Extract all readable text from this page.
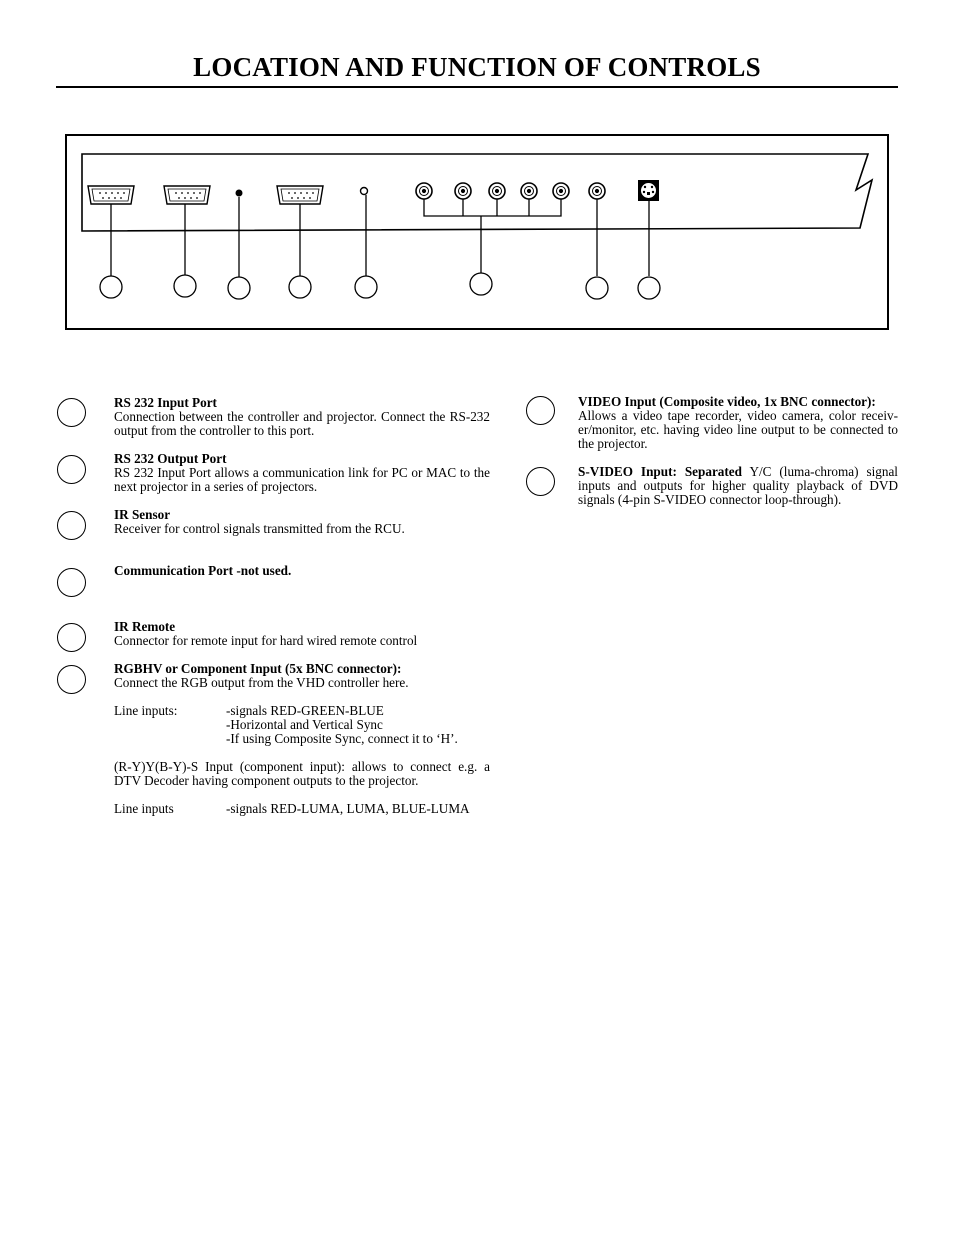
LOCATION AND FUNCTION OF CONTROLS

RS 232 Input Port

Connection between the controller and projector. Connect the RS-232 output from the controller to this port.

RS 232 Output Port

RS 232 Input Port allows a communication link for PC or MAC to the next projector in a series of projectors.

IR Sensor

Receiver for control signals transmitted from the RCU.

Communication Port -not used.

IR Remote

Connector for remote input for hard wired remote control

RGBHV or Component Input (5x BNC connector):

Connect the RGB output from the VHD controller here.

Line inputs:	-signals RED-GREEN-BLUE
-Horizontal and Vertical Sync
-If using Composite Sync, connect it to ‘H’.

(R-Y)Y(B-Y)-S Input (component input): allows to connect e.g. a DTV Decoder having component outputs to the projector.

Line inputs	-signals RED-LUMA, LUMA, BLUE-LUMA

VIDEO Input (Composite video, 1x BNC connector):

Allows a video tape recorder, video camera, color receiv-er/monitor, etc. having video line output to be connected to the projector.

S-VIDEO Input: Separated Y/C (luma-chroma) signal inputs and outputs for higher quality playback of DVD signals (4-pin S-VIDEO connector loop-through).
